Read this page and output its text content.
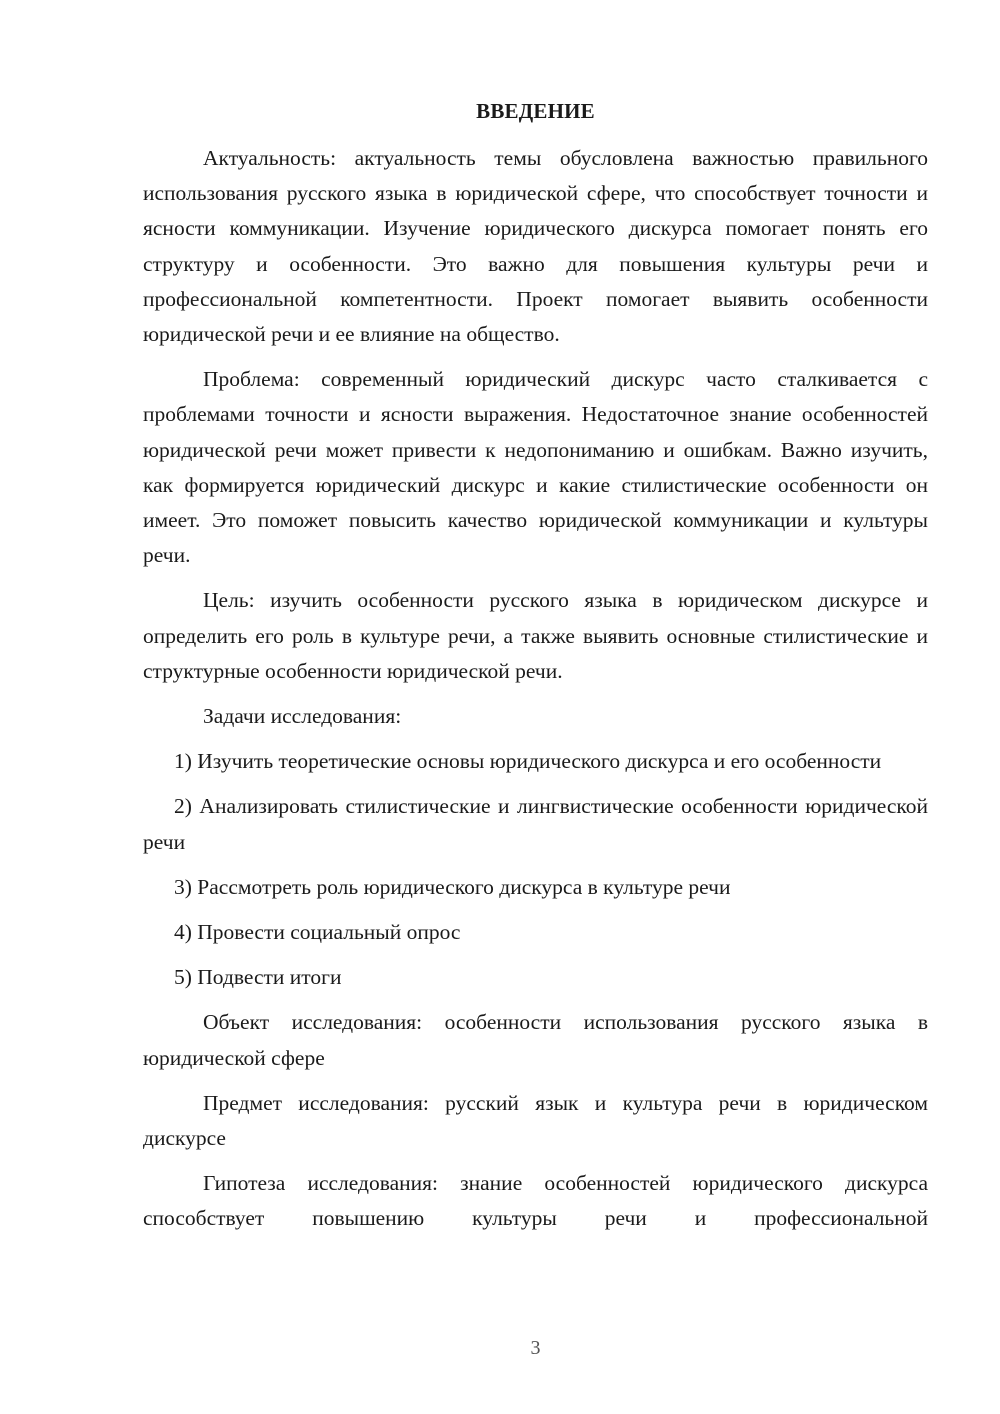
ВВЕДЕНИЕ

Актуальность: актуальность темы обусловлена важностью правильного использования русского языка в юридической сфере, что способствует точности и ясности коммуникации. Изучение юридического дискурса помогает понять его структуру и особенности. Это важно для повышения культуры речи и профессиональной компетентности. Проект помогает выявить особенности юридической речи и ее влияние на общество.

Проблема: современный юридический дискурс часто сталкивается с проблемами точности и ясности выражения. Недостаточное знание особенностей юридической речи может привести к недопониманию и ошибкам. Важно изучить, как формируется юридический дискурс и какие стилистические особенности он имеет. Это поможет повысить качество юридической коммуникации и культуры речи.

Цель: изучить особенности русского языка в юридическом дискурсе и определить его роль в культуре речи, а также выявить основные стилистические и структурные особенности юридической речи.

Задачи исследования:

1) Изучить теоретические основы юридического дискурса и его особенности

2) Анализировать стилистические и лингвистические особенности юридической речи

3) Рассмотреть роль юридического дискурса в культуре речи

4) Провести социальный опрос

5) Подвести итоги

Объект исследования: особенности использования русского языка в юридической сфере

Предмет исследования: русский язык и культура речи в юридическом дискурсе

Гипотеза исследования: знание особенностей юридического дискурса способствует повышению культуры речи и профессиональной

3
